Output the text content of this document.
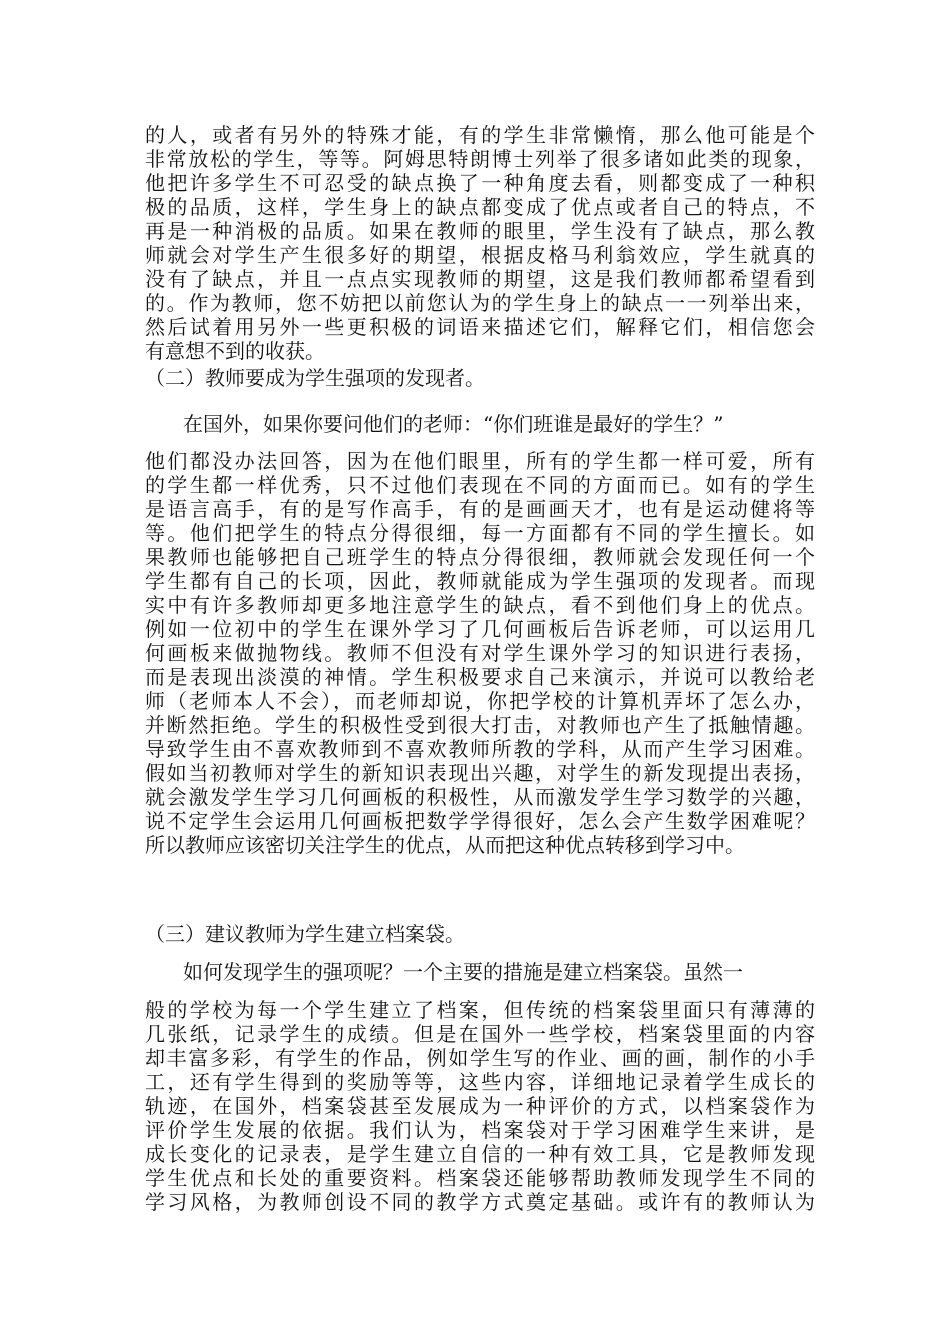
的人，或者有另外的特殊才能，有的学生非常懒惰，那么他可能是个
非常放松的学生，等等。阿姆思特朗博士列举了很多诸如此类的现象，
他把许多学生不可忍受的缺点换了一种角度去看，则都变成了一种积
极的品质，这样，学生身上的缺点都变成了优点或者自己的特点，不
再是一种消极的品质。如果在教师的眼里，学生没有了缺点，那么教
师就会对学生产生很多好的期望，根据皮格马利翁效应，学生就真的
没有了缺点，并且一点点实现教师的期望，这是我们教师都希望看到
的。作为教师，您不妨把以前您认为的学生身上的缺点一一列举出来，
然后试着用另外一些更积极的词语来描述它们，解释它们，相信您会
有意想不到的收获。
（二）教师要成为学生强项的发现者。
在国外，如果你要问他们的老师：“你们班谁是最好的学生？”
他们都没办法回答，因为在他们眼里，所有的学生都一样可爱，所有
的学生都一样优秀，只不过他们表现在不同的方面而已。如有的学生
是语言高手，有的是写作高手，有的是画画天才，也有是运动健将等
等。他们把学生的特点分得很细，每一方面都有不同的学生擅长。如
果教师也能够把自己班学生的特点分得很细，教师就会发现任何一个
学生都有自己的长项，因此，教师就能成为学生强项的发现者。而现
实中有许多教师却更多地注意学生的缺点，看不到他们身上的优点。
例如一位初中的学生在课外学习了几何画板后告诉老师，可以运用几
何画板来做抛物线。教师不但没有对学生课外学习的知识进行表扬，
而是表现出淡漠的神情。学生积极要求自己来演示，并说可以教给老
师（老师本人不会），而老师却说，你把学校的计算机弄坏了怎么办，
并断然拒绝。学生的积极性受到很大打击，对教师也产生了抵触情趣。
导致学生由不喜欢教师到不喜欢教师所教的学科，从而产生学习困难。
假如当初教师对学生的新知识表现出兴趣，对学生的新发现提出表扬，
就会激发学生学习几何画板的积极性，从而激发学生学习数学的兴趣，
说不定学生会运用几何画板把数学学得很好，怎么会产生数学困难呢？
所以教师应该密切关注学生的优点，从而把这种优点转移到学习中。
（三）建议教师为学生建立档案袋。
如何发现学生的强项呢？一个主要的措施是建立档案袋。虽然一
般的学校为每一个学生建立了档案，但传统的档案袋里面只有薄薄的
几张纸，记录学生的成绩。但是在国外一些学校，档案袋里面的内容
却丰富多彩，有学生的作品，例如学生写的作业、画的画，制作的小手
工，还有学生得到的奖励等等，这些内容，详细地记录着学生成长的
轨迹，在国外，档案袋甚至发展成为一种评价的方式，以档案袋作为
评价学生发展的依据。我们认为，档案袋对于学习困难学生来讲，是
成长变化的记录表，是学生建立自信的一种有效工具，它是教师发现
学生优点和长处的重要资料。档案袋还能够帮助教师发现学生不同的
学习风格，为教师创设不同的教学方式奠定基础。或许有的教师认为
